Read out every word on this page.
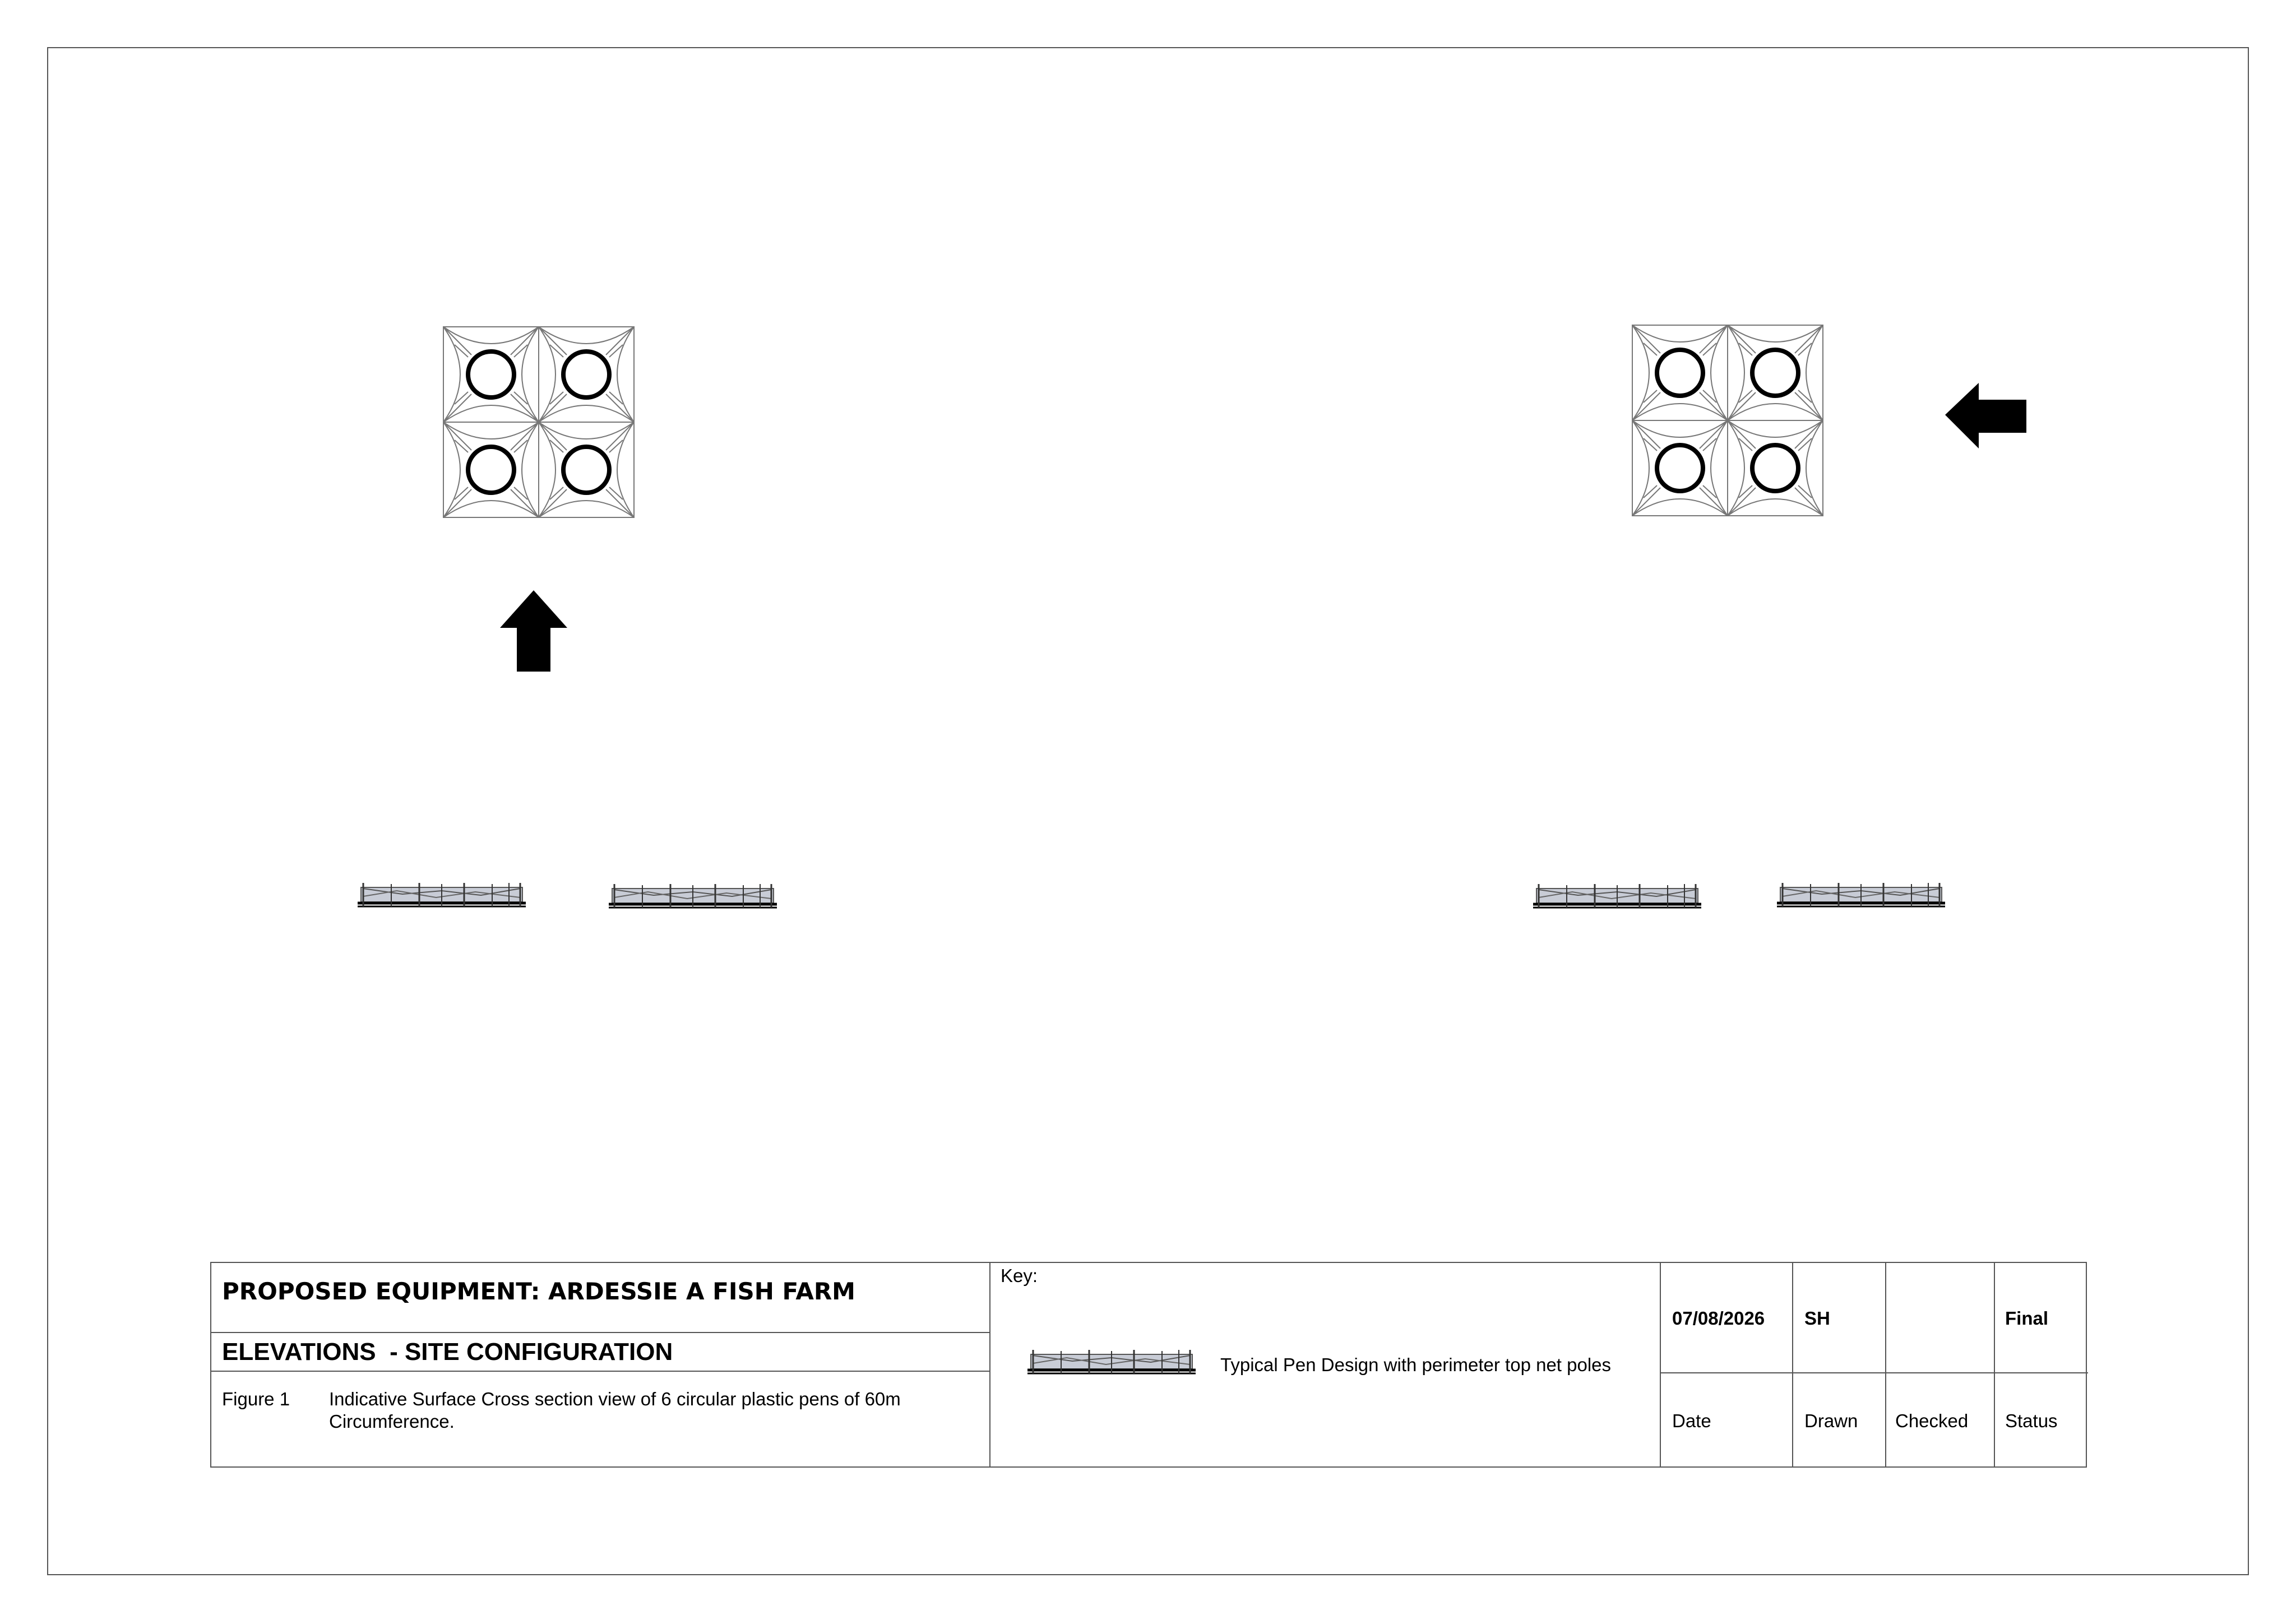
PROPOSED EQUIPMENT: ARDESSIE A FISH FARM
ELEVATIONS  - SITE CONFIGURATION
Figure 1 Indicative Surface Cross section view of 6 circular plastic pens of 60m
Circumference.
Key:
Typical Pen Design with perimeter top net poles
07/08/2026 SH	Final
Date	Drawn Checked Status
